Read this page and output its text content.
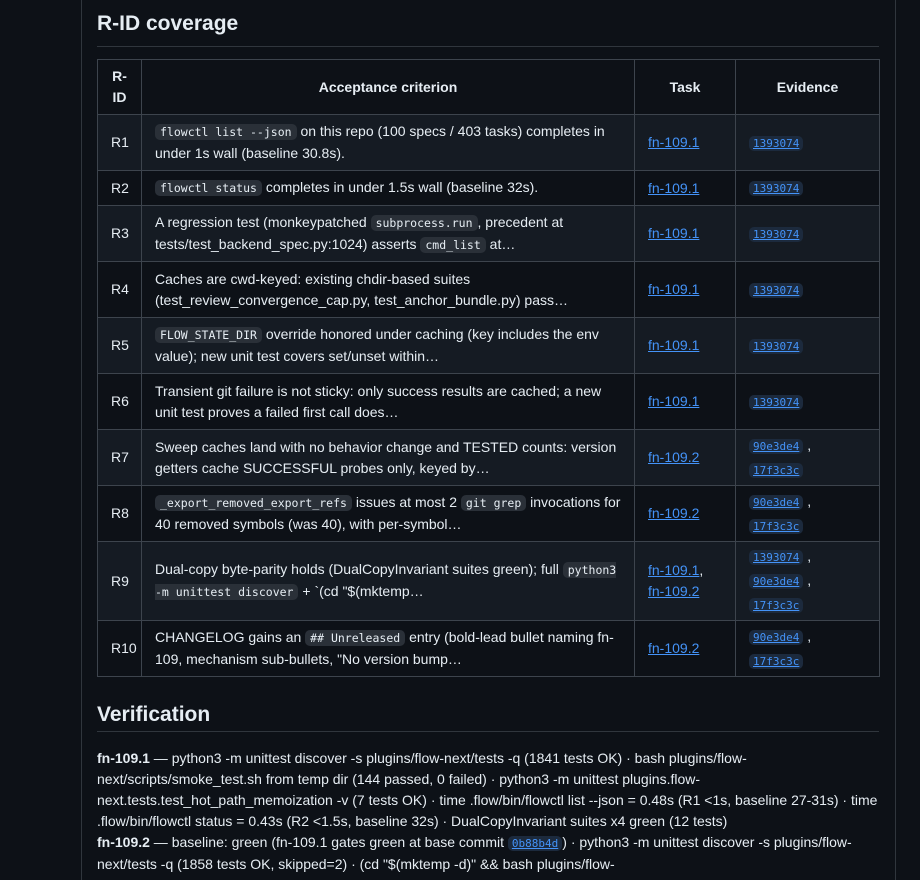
R-ID coverage
R-ID	Acceptance criterion	Task	Evidence
R1	flowctl list --json on this repo (100 specs / 403 tasks) completes in under 1s wall (baseline 30.8s).	fn-109.1	1393074

R2	flowctl status completes in under 1.5s wall (baseline 32s).	fn-109.1	1393074

R3	A regression test (monkeypatched subprocess.run , precedent at tests/test_backend_spec.py:1024) asserts cmd_list at…	fn-109.1	1393074

R4	Caches are cwd-keyed: existing chdir-based suites (test_review_convergence_cap.py, test_anchor_bundle.py) pass…	fn-109.1	1393074

R5	FLOW_STATE_DIR override honored under caching (key includes the env value); new unit test covers set/unset within…	fn-109.1	1393074

R6	Transient git failure is not sticky: only success results are cached; a new unit test proves a failed first call does…	fn-109.1	1393074

R7	Sweep caches land with no behavior change and TESTED counts: version getters cache SUCCESSFUL probes only, keyed by…	fn-109.2	90e3de4 ,
17f3c3c

R8	_export_removed_export_refs issues at most 2 git grep invocations for 40 removed symbols (was 40), with per-symbol…	fn-109.2	90e3de4 ,
17f3c3c

R9	Dual-copy byte-parity holds (DualCopyInvariant suites green); full python3 -m unittest discover + `(cd "$(mktemp…	fn-109.1,
fn-109.2	1393074 ,
90e3de4 ,
17f3c3c

R10	CHANGELOG gains an ## Unreleased entry (bold-lead bullet naming fn-109, mechanism sub-bullets, "No version bump…	fn-109.2	90e3de4 ,
17f3c3c
Verification

fn-109.1 — python3 -m unittest discover -s plugins/flow-next/tests -q (1841 tests OK) · bash plugins/flow-next/scripts/smoke_test.sh from temp dir (144 passed, 0 failed) · python3 -m unittest plugins.flow-next.tests.test_hot_path_memoization -v (7 tests OK) · time .flow/bin/flowctl list --json = 0.48s (R1 <1s, baseline 27-31s) · time .flow/bin/flowctl status = 0.43s (R2 <1.5s, baseline 32s) · DualCopyInvariant suites x4 green (12 tests)
fn-109.2 — baseline: green (fn-109.1 gates green at base commit 0b88b4d ) · python3 -m unittest discover -s plugins/flow-next/tests -q (1858 tests OK, skipped=2) · (cd "$(mktemp -d)" && bash plugins/flow-
